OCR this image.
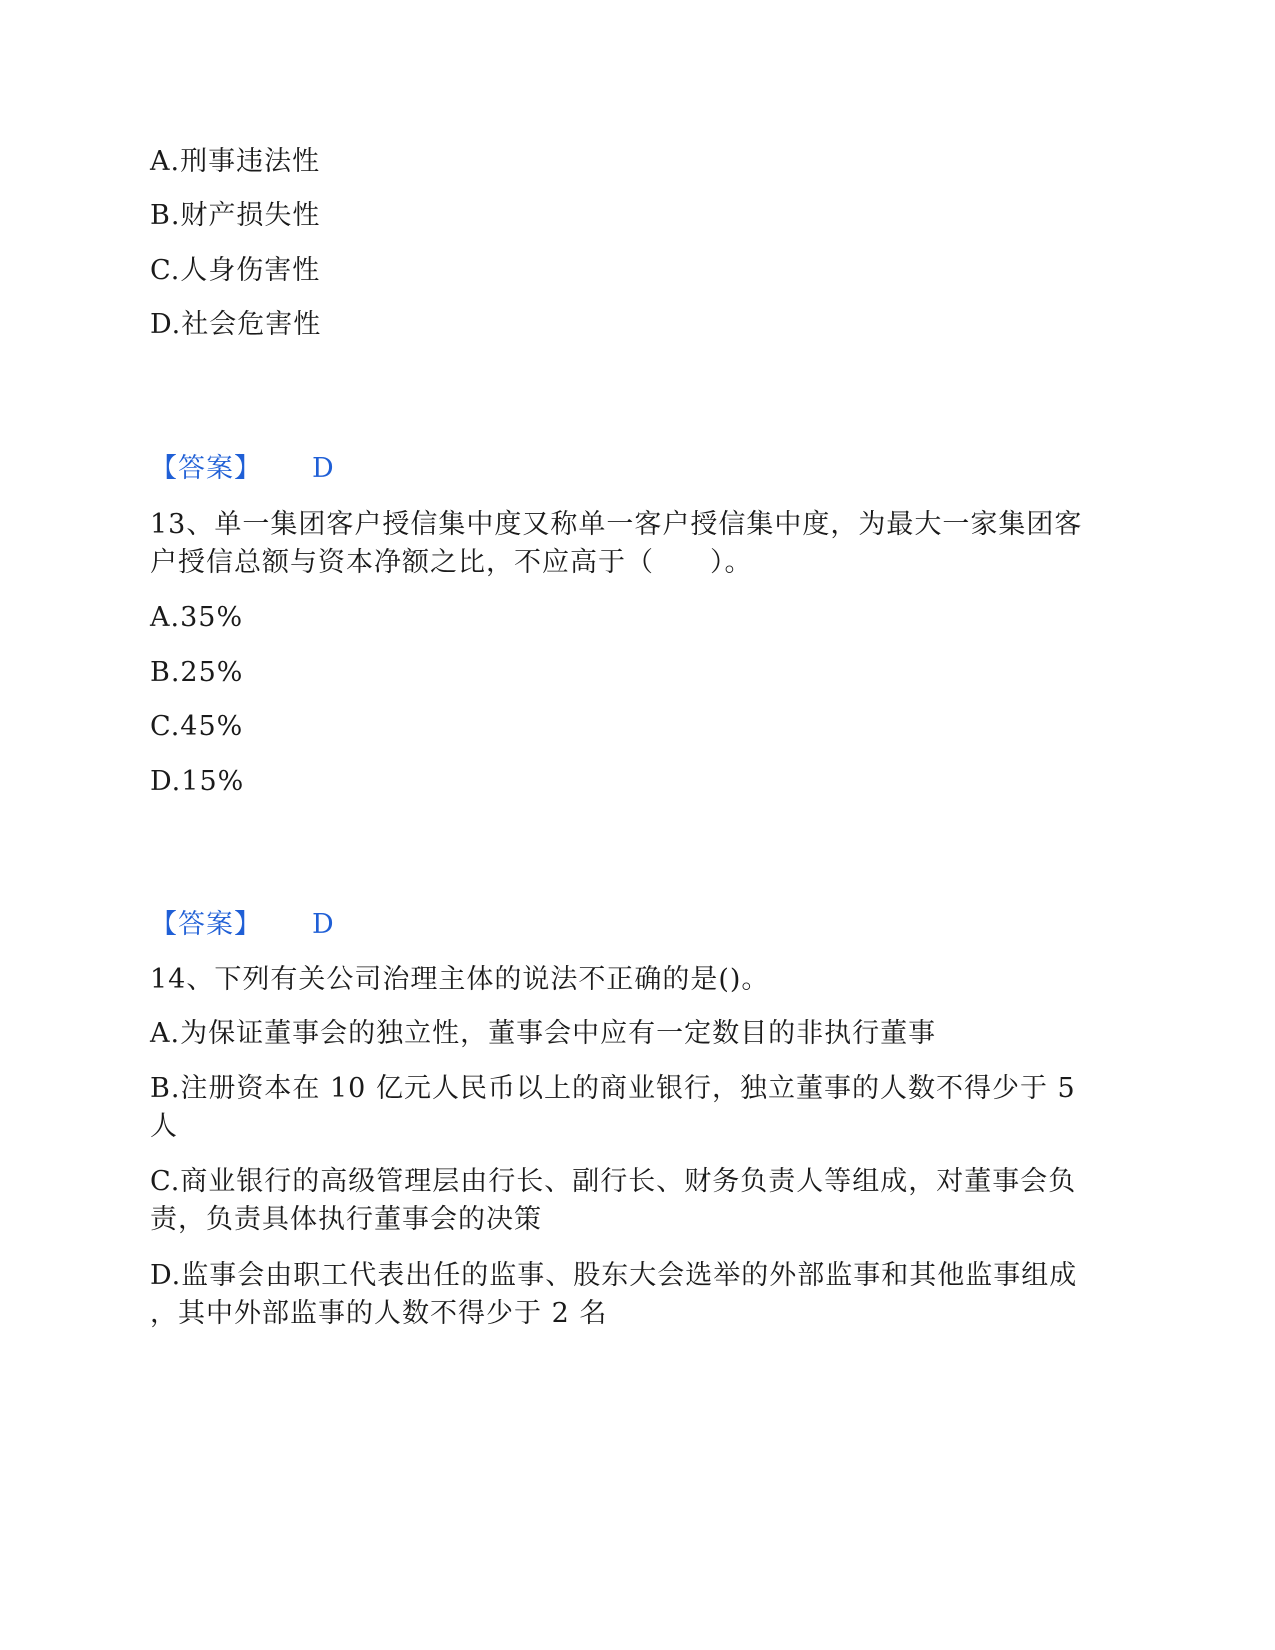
A.刑事违法性
B.财产损失性
C.人身伤害性
D.社会危害性
【答案】 D
13、单一集团客户授信集中度又称单一客户授信集中度，为最大一家集团客
户授信总额与资本净额之比，不应高于（　　）。
A.35%
B.25%
C.45%
D.15%
【答案】 D
14、下列有关公司治理主体的说法不正确的是()。
A.为保证董事会的独立性，董事会中应有一定数目的非执行董事
B.注册资本在 10 亿元人民币以上的商业银行，独立董事的人数不得少于 5
人
C.商业银行的高级管理层由行长、副行长、财务负责人等组成，对董事会负
责，负责具体执行董事会的决策
D.监事会由职工代表出任的监事、股东大会选举的外部监事和其他监事组成
，其中外部监事的人数不得少于 2 名
